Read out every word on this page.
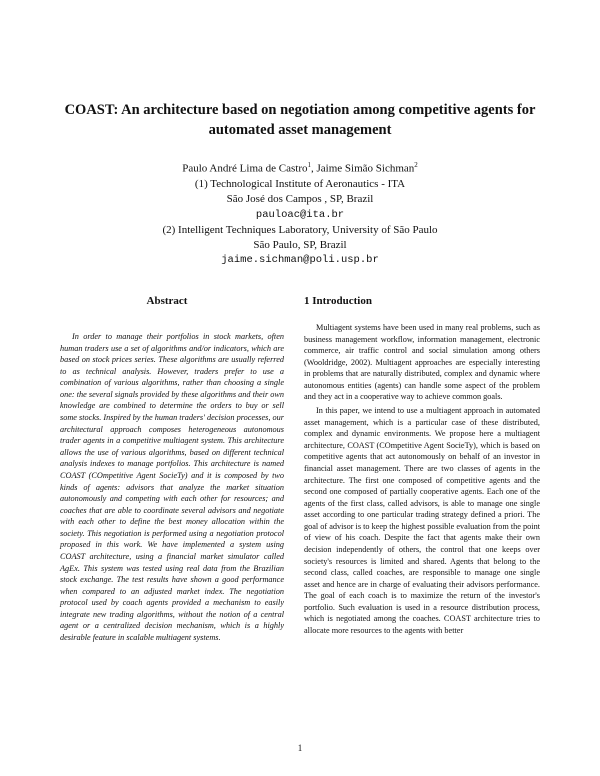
COAST: An architecture based on negotiation among competitive agents for automated asset management
Paulo André Lima de Castro$^1$, Jaime Simão Sichman$^2$
(1) Technological Institute of Aeronautics - ITA
São José dos Campos , SP, Brazil
pauloac@ita.br
(2) Intelligent Techniques Laboratory, University of São Paulo
São Paulo, SP, Brazil
jaime.sichman@poli.usp.br
Abstract	1 Introduction

In order to manage their portfolios in stock markets, often human traders use a set of algorithms and/or indicators, which are based on stock prices series. These algorithms are usually referred to as technical analysis. However, traders prefer to use a combination of various algorithms, rather than choosing a single one: the several signals provided by these algorithms and their own knowledge are combined to determine the orders to buy or sell some stocks. Inspired by the human traders' decision processes, our architectural approach composes heterogeneous autonomous trader agents in a competitive multiagent system. This architecture allows the use of various algorithms, based on different technical analysis indexes to manage portfolios. This architecture is named COAST (COmpetitive Agent SocieTy) and it is composed by two kinds of agents: advisors that analyze the market situation autonomously and competing with each other for resources; and coaches that are able to coordinate several advisors and negotiate with each other to define the best money allocation within the society. This negotiation is performed using a negotiation protocol proposed in this work. We have implemented a system using COAST architecture, using a financial market simulator called AgEx. This system was tested using real data from the Brazilian stock exchange. The test results have shown a good performance when compared to an adjusted market index. The negotiation protocol used by coach agents provided a mechanism to easily integrate new trading algorithms, without the notion of a central agent or a centralized decision mechanism, which is a highly desirable feature in scalable multiagent systems.

Multiagent systems have been used in many real problems, such as business management workflow, information management, electronic commerce, air traffic control and social simulation among others (Wooldridge, 2002). Multiagent approaches are especially interesting in problems that are naturally distributed, complex and dynamic where autonomous entities (agents) can handle some aspect of the problem and they act in a cooperative way to achieve common goals.

In this paper, we intend to use a multiagent approach in automated asset management, which is a particular case of these distributed, complex and dynamic environments. We propose here a multiagent architecture, COAST (COmpetitive Agent SocieTy), which is based on competitive agents that act autonomously on behalf of an investor in financial asset management. There are two classes of agents in the architecture. The first one composed of competitive agents and the second one composed of partially cooperative agents. Each one of the agents of the first class, called advisors, is able to manage one single asset according to one particular trading strategy defined a priori. The goal of advisor is to keep the highest possible evaluation from the point of view of his coach. Despite the fact that agents make their own decision independently of others, the control that one keeps over society's resources is limited and shared. Agents that belong to the second class, called coaches, are responsible to manage one single asset and hence are in charge of evaluating their advisors performance. The goal of each coach is to maximize the return of the investor's portfolio. Such evaluation is used in a resource distribution process, which is negotiated among the coaches. COAST architecture tries to allocate more resources to the agents with better

1
